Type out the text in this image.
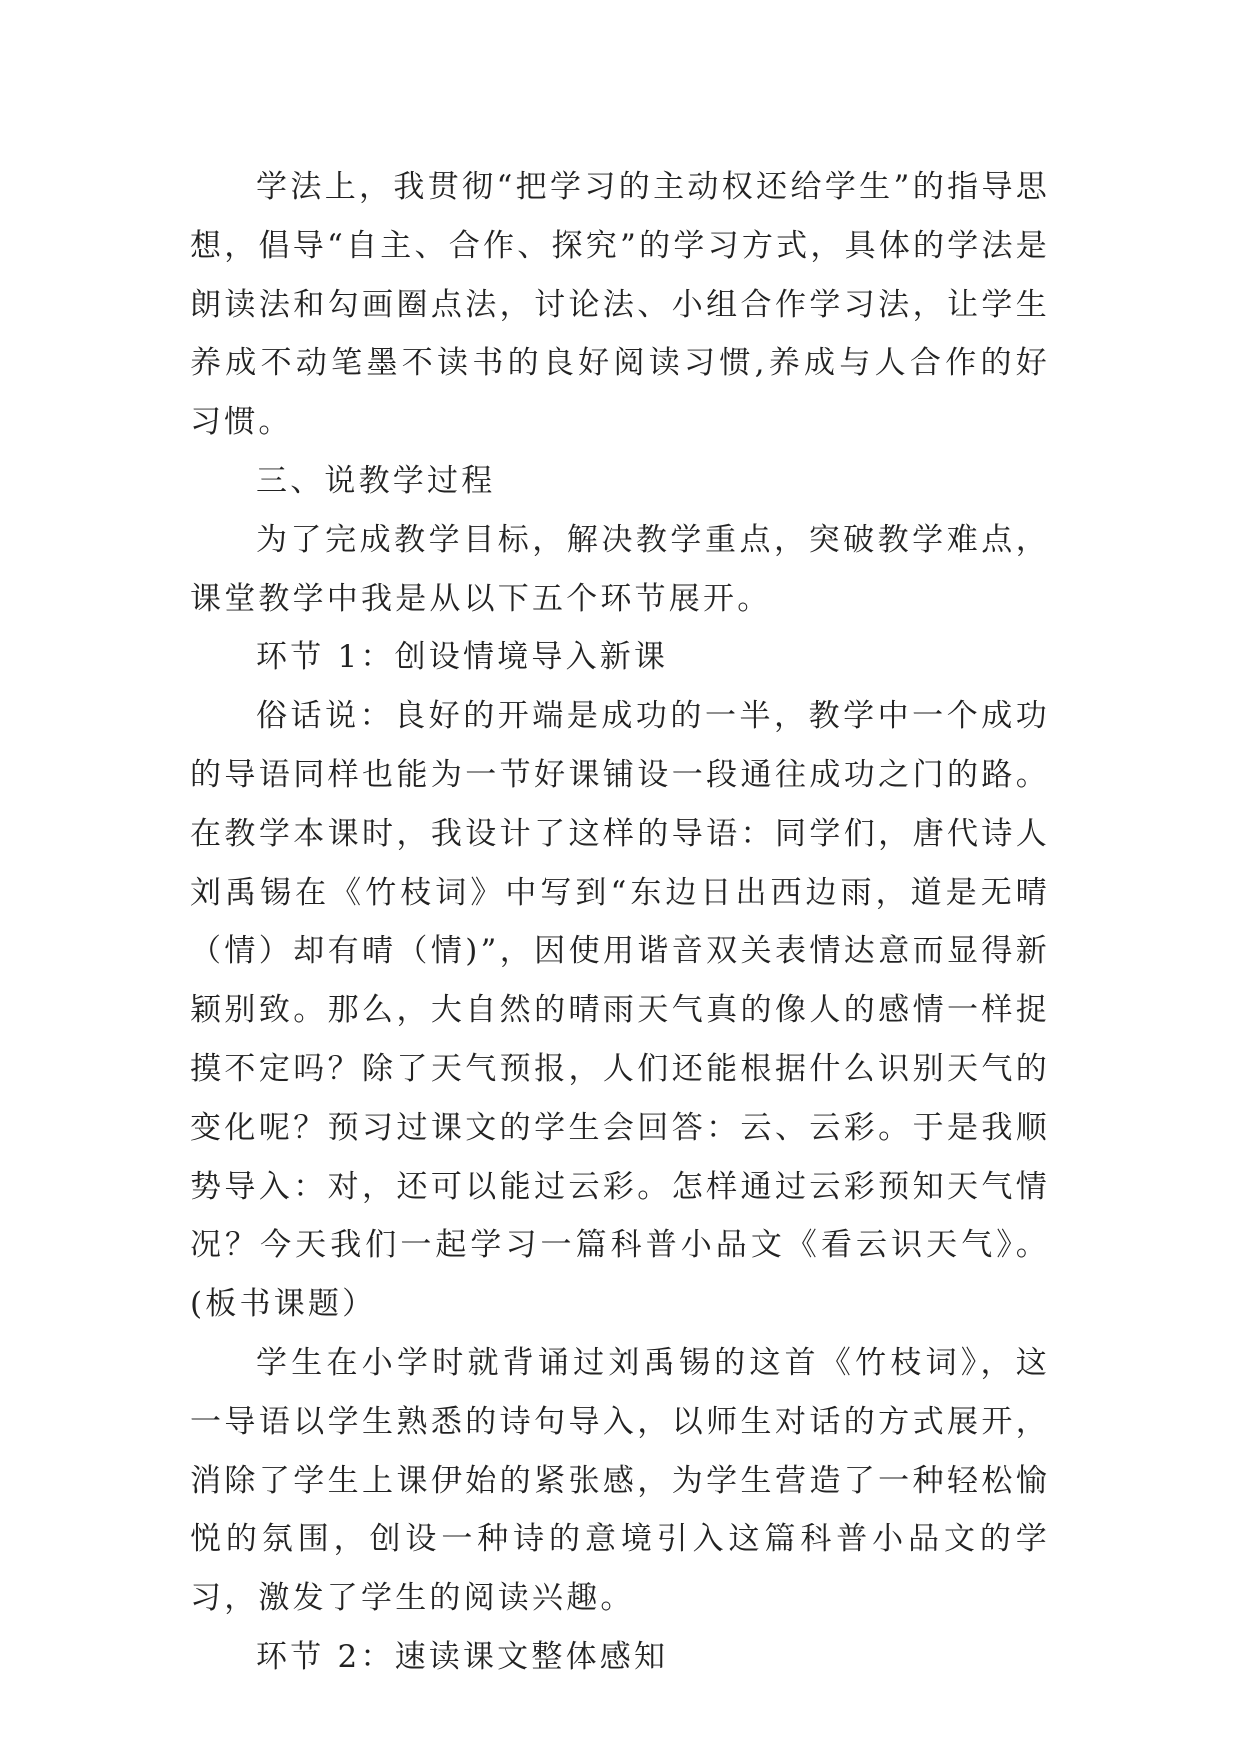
学法上，我贯彻“把学习的主动权还给学生”的指导思想，倡导“自主、合作、探究”的学习方式，具体的学法是朗读法和勾画圈点法，讨论法、小组合作学习法，让学生养成不动笔墨不读书的良好阅读习惯,养成与人合作的好习惯。

三、说教学过程

为了完成教学目标，解决教学重点，突破教学难点，课堂教学中我是从以下五个环节展开。

环节 1：创设情境导入新课

俗话说：良好的开端是成功的一半，教学中一个成功的导语同样也能为一节好课铺设一段通往成功之门的路。在教学本课时，我设计了这样的导语：同学们，唐代诗人刘禹锡在《竹枝词》中写到“东边日出西边雨，道是无晴（情）却有晴（情)”，因使用谐音双关表情达意而显得新颖别致。那么，大自然的晴雨天气真的像人的感情一样捉摸不定吗？除了天气预报，人们还能根据什么识别天气的变化呢？预习过课文的学生会回答：云、云彩。于是我顺势导入：对，还可以能过云彩。怎样通过云彩预知天气情况？今天我们一起学习一篇科普小品文《看云识天气》。(板书课题）

学生在小学时就背诵过刘禹锡的这首《竹枝词》，这一导语以学生熟悉的诗句导入，以师生对话的方式展开，消除了学生上课伊始的紧张感，为学生营造了一种轻松愉悦的氛围，创设一种诗的意境引入这篇科普小品文的学习，激发了学生的阅读兴趣。

环节 2：速读课文整体感知
